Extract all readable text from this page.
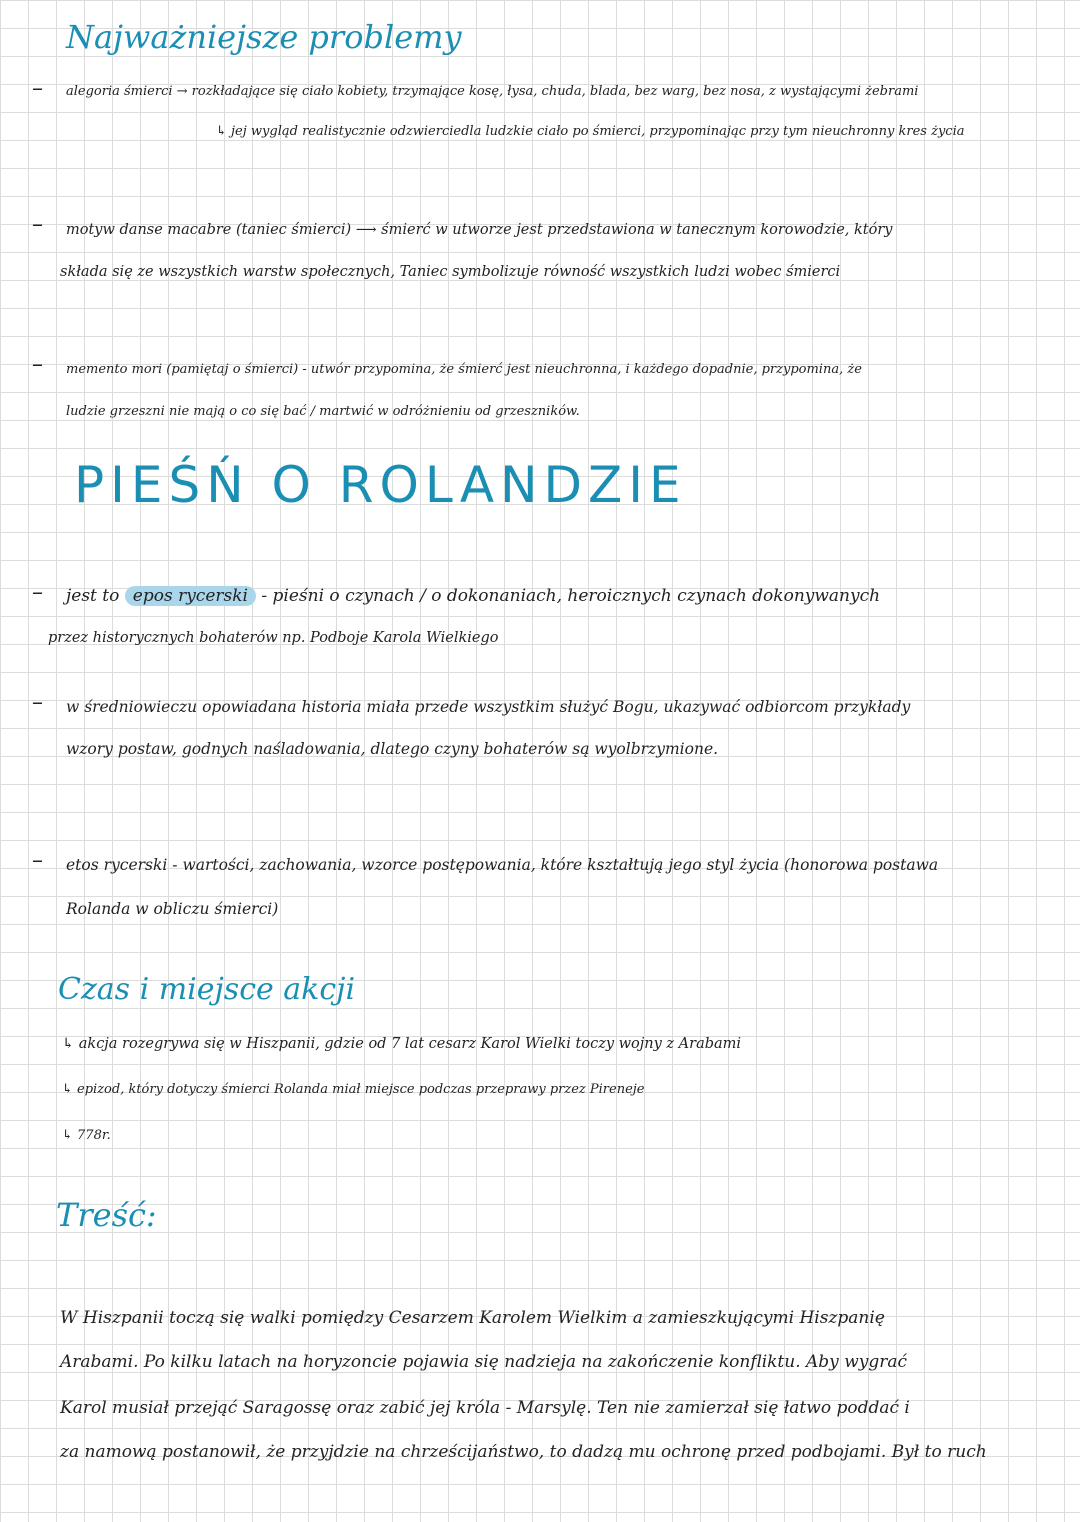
Najważniejsze problemy
– alegoria śmierci → rozkładające się ciało kobiety, trzymające kosę, łysa, chuda, blada, bez warg, bez nosa, z wystającymi żebrami
↳ jej wygląd realistycznie odzwierciedla ludzkie ciało po śmierci, przypominając przy tym nieuchronny kres życia
– motyw danse macabre (taniec śmierci) ⟶ śmierć w utworze jest przedstawiona w tanecznym korowodzie, który
składa się ze wszystkich warstw społecznych, Taniec symbolizuje równość wszystkich ludzi wobec śmierci
– memento mori (pamiętaj o śmierci) - utwór przypomina, że śmierć jest nieuchronna, i każdego dopadnie, przypomina, że
ludzie grzeszni nie mają o co się bać / martwić w odróżnieniu od grzeszników.
PIEŚŃ O ROLANDZIE
– jest to epos rycerski - pieśni o czynach / o dokonaniach, heroicznych czynach dokonywanych
przez historycznych bohaterów np. Podboje Karola Wielkiego
– w średniowieczu opowiadana historia miała przede wszystkim służyć Bogu, ukazywać odbiorcom przykłady
wzory postaw, godnych naśladowania, dlatego czyny bohaterów są wyolbrzymione.
– etos rycerski - wartości, zachowania, wzorce postępowania, które kształtują jego styl życia (honorowa postawa
Rolanda w obliczu śmierci)
Czas i miejsce akcji
↳ akcja rozegrywa się w Hiszpanii, gdzie od 7 lat cesarz Karol Wielki toczy wojny z Arabami
↳ epizod, który dotyczy śmierci Rolanda miał miejsce podczas przeprawy przez Pireneje
↳ 778r.
Treść:
W Hiszpanii toczą się walki pomiędzy Cesarzem Karolem Wielkim a zamieszkującymi Hiszpanię
Arabami. Po kilku latach na horyzoncie pojawia się nadzieja na zakończenie konfliktu. Aby wygrać
Karol musiał przejąć Saragossę oraz zabić jej króla - Marsylę. Ten nie zamierzał się łatwo poddać i
za namową postanowił, że przyjdzie na chrześcijaństwo, to dadzą mu ochronę przed podbojami. Był to ruch
